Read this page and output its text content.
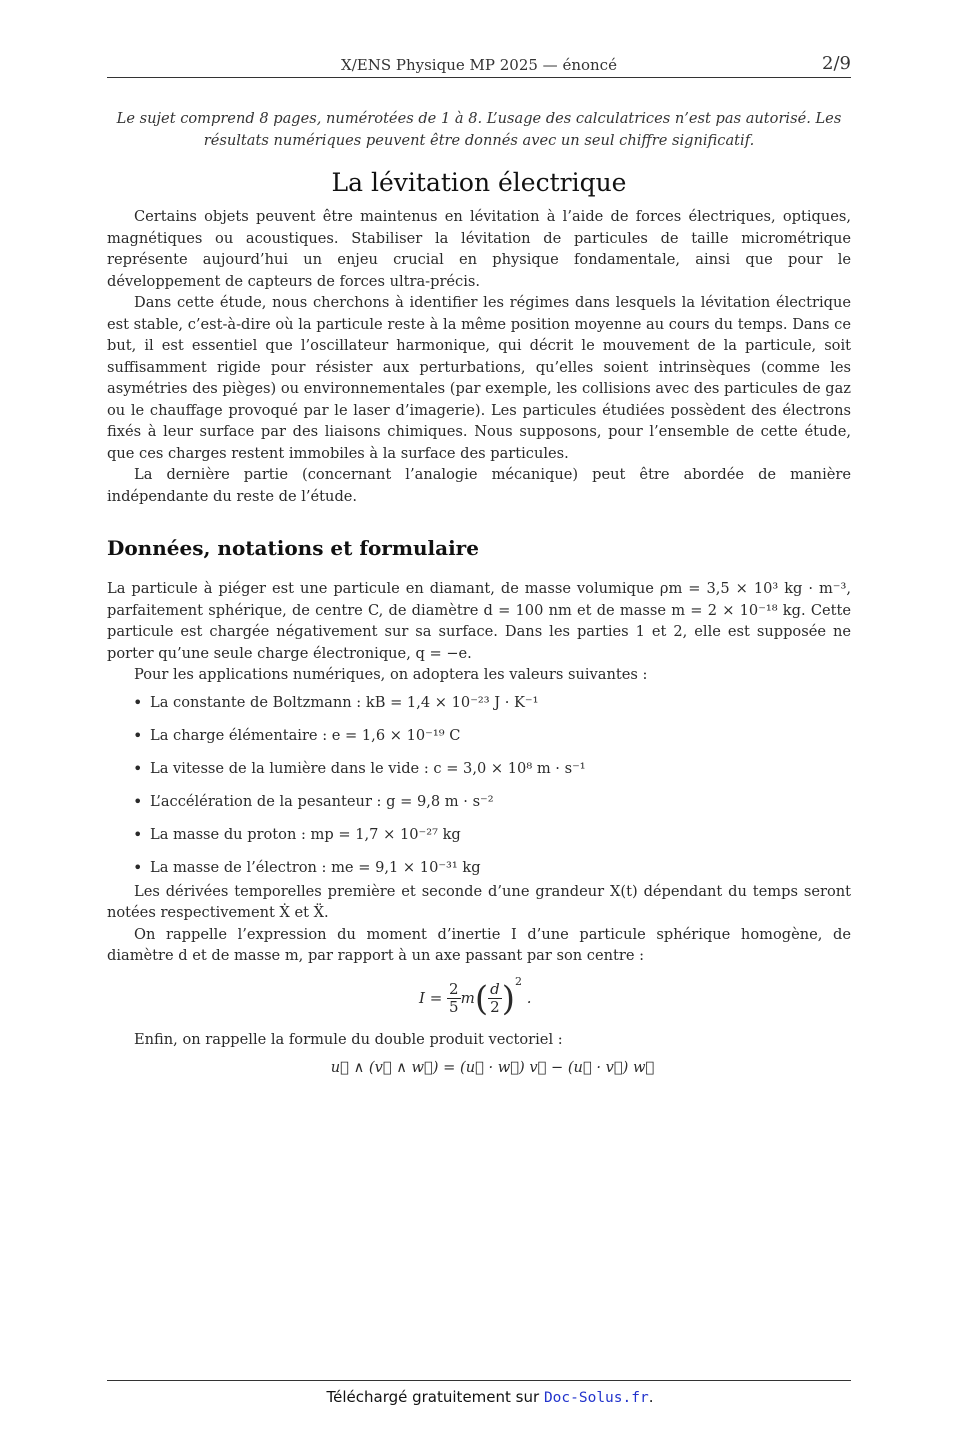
X/ENS Physique MP 2025 — énoncé	2/9
Le sujet comprend 8 pages, numérotées de 1 à 8. L’usage des calculatrices n’est pas autorisé. Les résultats numériques peuvent être donnés avec un seul chiffre significatif.
La lévitation électrique

Certains objets peuvent être maintenus en lévitation à l’aide de forces électriques, optiques, magnétiques ou acoustiques. Stabiliser la lévitation de particules de taille micrométrique représente aujourd’hui un enjeu crucial en physique fondamentale, ainsi que pour le développement de capteurs de forces ultra-précis.

Dans cette étude, nous cherchons à identifier les régimes dans lesquels la lévitation électrique est stable, c’est-à-dire où la particule reste à la même position moyenne au cours du temps. Dans ce but, il est essentiel que l’oscillateur harmonique, qui décrit le mouvement de la particule, soit suffisamment rigide pour résister aux perturbations, qu’elles soient intrinsèques (comme les asymétries des pièges) ou environnementales (par exemple, les collisions avec des particules de gaz ou le chauffage provoqué par le laser d’imagerie). Les particules étudiées possèdent des électrons fixés à leur surface par des liaisons chimiques. Nous supposons, pour l’ensemble de cette étude, que ces charges restent immobiles à la surface des particules.

La dernière partie (concernant l’analogie mécanique) peut être abordée de manière indépendante du reste de l’étude.

Données, notations et formulaire

La particule à piéger est une particule en diamant, de masse volumique ρm = 3,5 × 10³ kg · m⁻³, parfaitement sphérique, de centre C, de diamètre d = 100 nm et de masse m = 2 × 10⁻¹⁸ kg. Cette particule est chargée négativement sur sa surface. Dans les parties 1 et 2, elle est supposée ne porter qu’une seule charge électronique, q = −e.

Pour les applications numériques, on adoptera les valeurs suivantes :

• La constante de Boltzmann : kB = 1,4 × 10⁻²³ J · K⁻¹
• La charge élémentaire : e = 1,6 × 10⁻¹⁹ C
• La vitesse de la lumière dans le vide : c = 3,0 × 10⁸ m · s⁻¹
• L’accélération de la pesanteur : g = 9,8 m · s⁻²
• La masse du proton : mp = 1,7 × 10⁻²⁷ kg
• La masse de l’électron : me = 9,1 × 10⁻³¹ kg

Les dérivées temporelles première et seconde d’une grandeur X(t) dépendant du temps seront notées respectivement Ẋ et Ẍ.

On rappelle l’expression du moment d’inertie I d’une particule sphérique homogène, de diamètre d et de masse m, par rapport à un axe passant par son centre :

$I = \frac{2}{5} m( \frac{d}{2} )^2$ .

Enfin, on rappelle la formule du double produit vectoriel :

u⃗ ∧ (v⃗ ∧ w⃗) = (u⃗ · w⃗) v⃗ − (u⃗ · v⃗) w⃗

Téléchargé gratuitement sur Doc-Solus.fr.
